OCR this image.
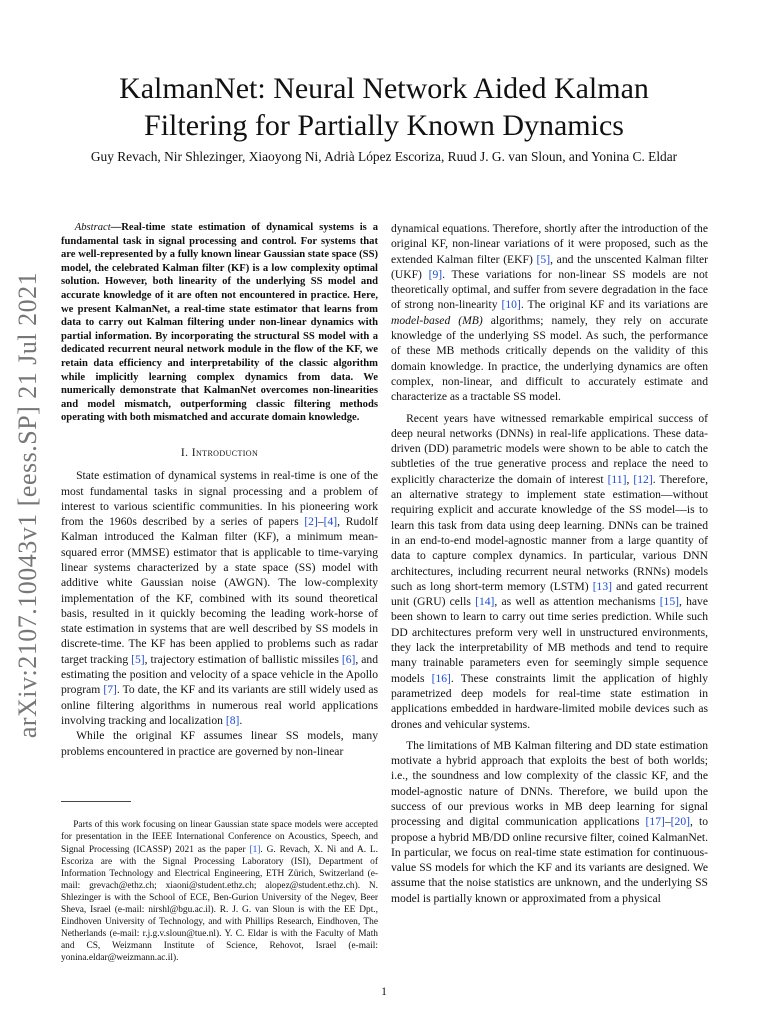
arXiv:2107.10043v1 [eess.SP] 21 Jul 2021
KalmanNet: Neural Network Aided Kalman
Filtering for Partially Known Dynamics

Guy Revach, Nir Shlezinger, Xiaoyong Ni, Adrià López Escoriza, Ruud J. G. van Sloun, and Yonina C. Eldar

Abstract—Real-time state estimation of dynamical systems is a fundamental task in signal processing and control. For systems that are well-represented by a fully known linear Gaussian state space (SS) model, the celebrated Kalman filter (KF) is a low complexity optimal solution. However, both linearity of the underlying SS model and accurate knowledge of it are often not encountered in practice. Here, we present KalmanNet, a real-time state estimator that learns from data to carry out Kalman filtering under non-linear dynamics with partial information. By incorporating the structural SS model with a dedicated recurrent neural network module in the flow of the KF, we retain data efficiency and interpretability of the classic algorithm while implicitly learning complex dynamics from data. We numerically demonstrate that KalmanNet overcomes non-linearities and model mismatch, outperforming classic filtering methods operating with both mismatched and accurate domain knowledge.

I. Introduction

State estimation of dynamical systems in real-time is one of the most fundamental tasks in signal processing and a problem of interest to various scientific communities. In his pioneering work from the 1960s described by a series of papers [2]–[4], Rudolf Kalman introduced the Kalman filter (KF), a minimum mean-squared error (MMSE) estimator that is applicable to time-varying linear systems characterized by a state space (SS) model with additive white Gaussian noise (AWGN). The low-complexity implementation of the KF, combined with its sound theoretical basis, resulted in it quickly becoming the leading work-horse of state estimation in systems that are well described by SS models in discrete-time. The KF has been applied to problems such as radar target tracking [5], trajectory estimation of ballistic missiles [6], and estimating the position and velocity of a space vehicle in the Apollo program [7]. To date, the KF and its variants are still widely used as online filtering algorithms in numerous real world applications involving tracking and localization [8].

While the original KF assumes linear SS models, many problems encountered in practice are governed by non-linear

Parts of this work focusing on linear Gaussian state space models were accepted for presentation in the IEEE International Conference on Acoustics, Speech, and Signal Processing (ICASSP) 2021 as the paper [1]. G. Revach, X. Ni and A. L. Escoriza are with the Signal Processing Laboratory (ISI), Department of Information Technology and Electrical Engineering, ETH Zürich, Switzerland (e-mail: grevach@ethz.ch; xiaoni@student.ethz.ch; alopez@student.ethz.ch). N. Shlezinger is with the School of ECE, Ben-Gurion University of the Negev, Beer Sheva, Israel (e-mail: nirshl@bgu.ac.il). R. J. G. van Sloun is with the EE Dpt., Eindhoven University of Technology, and with Phillips Research, Eindhoven, The Netherlands (e-mail: r.j.g.v.sloun@tue.nl). Y. C. Eldar is with the Faculty of Math and CS, Weizmann Institute of Science, Rehovot, Israel (e-mail: yonina.eldar@weizmann.ac.il).

dynamical equations. Therefore, shortly after the introduction of the original KF, non-linear variations of it were proposed, such as the extended Kalman filter (EKF) [5], and the unscented Kalman filter (UKF) [9]. These variations for non-linear SS models are not theoretically optimal, and suffer from severe degradation in the face of strong non-linearity [10]. The original KF and its variations are model-based (MB) algorithms; namely, they rely on accurate knowledge of the underlying SS model. As such, the performance of these MB methods critically depends on the validity of this domain knowledge. In practice, the underlying dynamics are often complex, non-linear, and difficult to accurately estimate and characterize as a tractable SS model.

Recent years have witnessed remarkable empirical success of deep neural networks (DNNs) in real-life applications. These data-driven (DD) parametric models were shown to be able to catch the subtleties of the true generative process and replace the need to explicitly characterize the domain of interest [11], [12]. Therefore, an alternative strategy to implement state estimation—without requiring explicit and accurate knowledge of the SS model—is to learn this task from data using deep learning. DNNs can be trained in an end-to-end model-agnostic manner from a large quantity of data to capture complex dynamics. In particular, various DNN architectures, including recurrent neural networks (RNNs) models such as long short-term memory (LSTM) [13] and gated recurrent unit (GRU) cells [14], as well as attention mechanisms [15], have been shown to learn to carry out time series prediction. While such DD architectures preform very well in unstructured environments, they lack the interpretability of MB methods and tend to require many trainable parameters even for seemingly simple sequence models [16]. These constraints limit the application of highly parametrized deep models for real-time state estimation in applications embedded in hardware-limited mobile devices such as drones and vehicular systems.

The limitations of MB Kalman filtering and DD state estimation motivate a hybrid approach that exploits the best of both worlds; i.e., the soundness and low complexity of the classic KF, and the model-agnostic nature of DNNs. Therefore, we build upon the success of our previous works in MB deep learning for signal processing and digital communication applications [17]–[20], to propose a hybrid MB/DD online recursive filter, coined KalmanNet. In particular, we focus on real-time state estimation for continuous-value SS models for which the KF and its variants are designed. We assume that the noise statistics are unknown, and the underlying SS model is partially known or approximated from a physical

1
